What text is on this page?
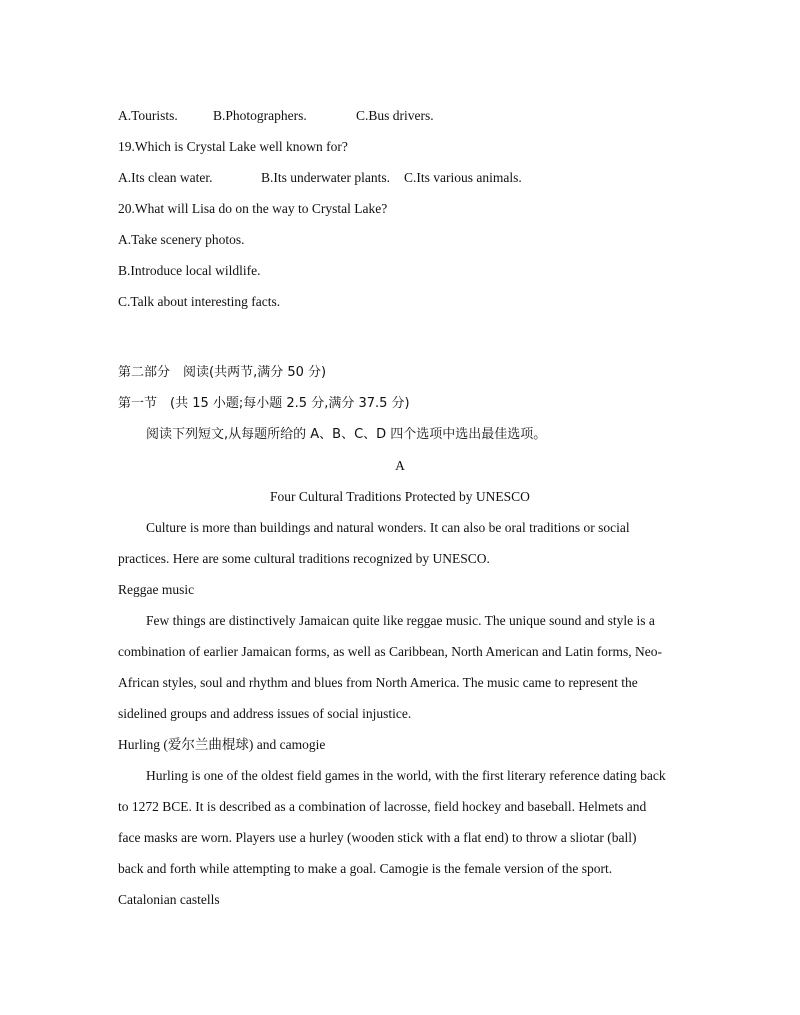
A.Tourists.	B.Photographers.	C.Bus drivers.
19.Which is Crystal Lake well known for?
A.Its clean water.	B.Its underwater plants. C.Its various animals.
20.What will Lisa do on the way to Crystal Lake?
A.Take scenery photos.
B.Introduce local wildlife.
C.Talk about interesting facts.
第二部分　阅读(共两节,满分 50 分)
第一节　(共 15 小题;每小题 2.5 分,满分 37.5 分)
阅读下列短文,从每题所给的 A、B、C、D 四个选项中选出最佳选项。
A
Four Cultural Traditions Protected by UNESCO
Culture is more than buildings and natural wonders. It can also be oral traditions or social
practices. Here are some cultural traditions recognized by UNESCO.
Reggae music
Few things are distinctively Jamaican quite like reggae music. The unique sound and style is a
combination of earlier Jamaican forms, as well as Caribbean, North American and Latin forms, Neo-
African styles, soul and rhythm and blues from North America. The music came to represent the
sidelined groups and address issues of social injustice.
Hurling (爱尔兰曲棍球) and camogie
Hurling is one of the oldest field games in the world, with the first literary reference dating back
to 1272 BCE. It is described as a combination of lacrosse, field hockey and baseball. Helmets and
face masks are worn. Players use a hurley (wooden stick with a flat end) to throw a sliotar (ball)
back and forth while attempting to make a goal. Camogie is the female version of the sport.
Catalonian castells
